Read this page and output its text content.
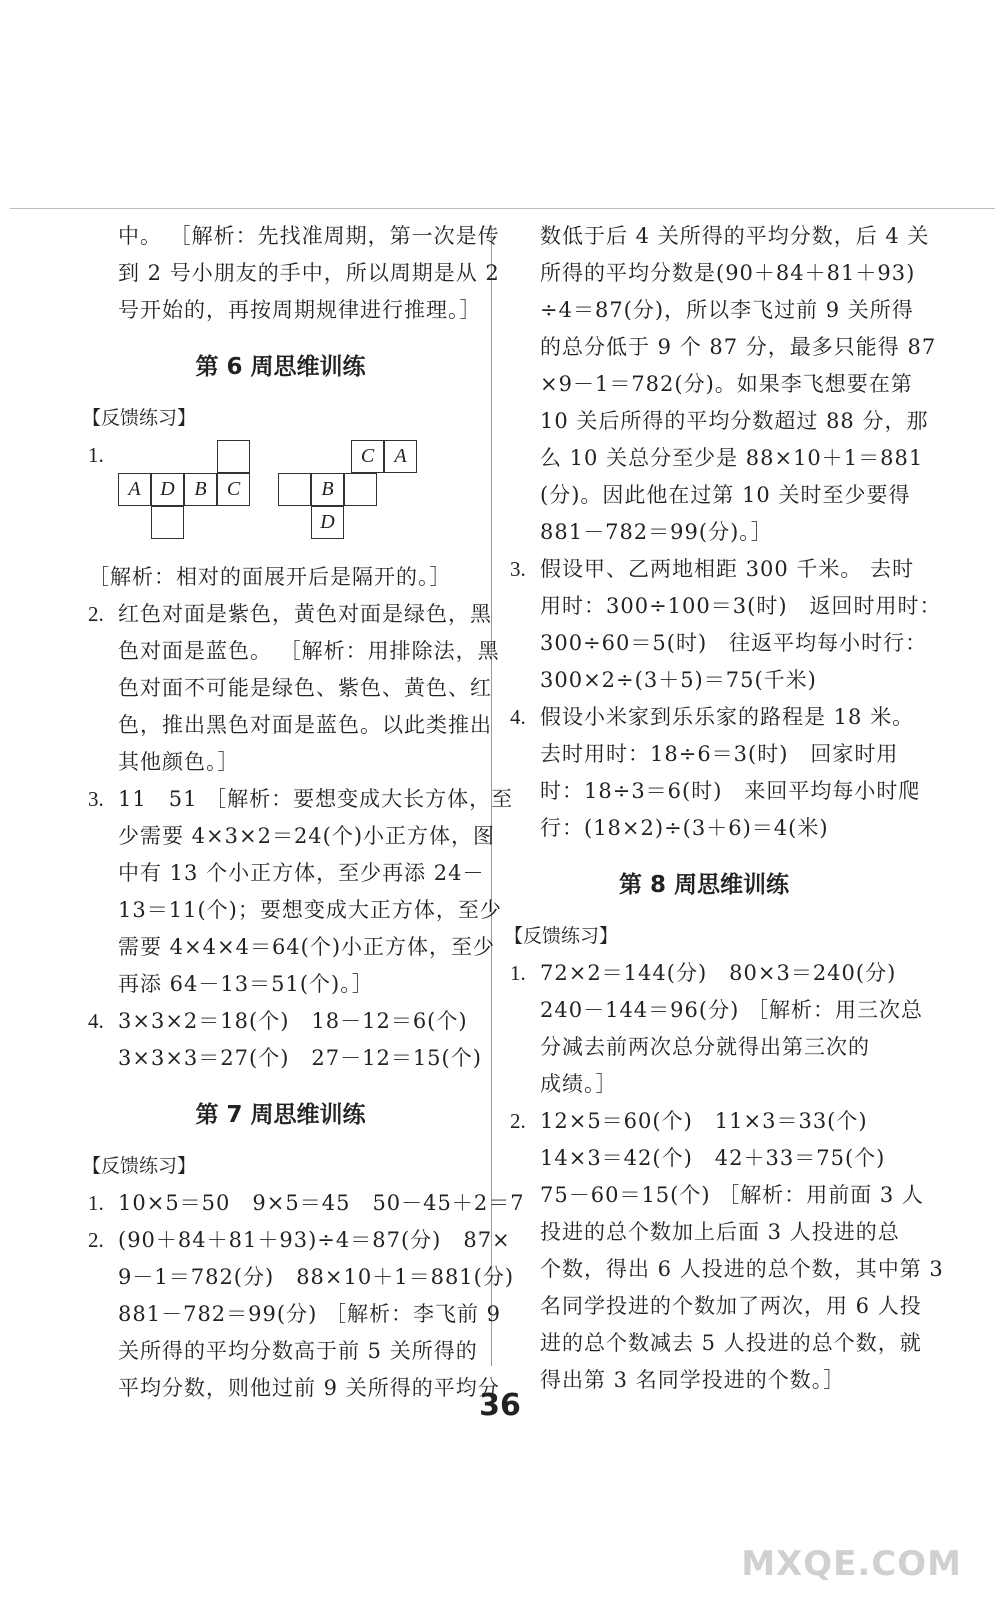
中。 ［解析：先找准周期，第一次是传
到 2 号小朋友的手中，所以周期是从 2
号开始的，再按周期规律进行推理。］
第 6 周思维训练
【反馈练习】
1.
A D B	C
C	A
B
D
［解析：相对的面展开后是隔开的。］
2. 红色对面是紫色，黄色对面是绿色，黑
色对面是蓝色。 ［解析：用排除法，黑
色对面不可能是绿色、紫色、黄色、红
色，推出黑色对面是蓝色。以此类推出
其他颜色。］
3. 11　51 ［解析：要想变成大长方体，至
少需要 4×3×2＝24(个)小正方体，图
中有 13 个小正方体，至少再添 24－
13＝11(个)；要想变成大正方体，至少
需要 4×4×4＝64(个)小正方体，至少
再添 64－13＝51(个)。］
4. 3×3×2＝18(个)　18－12＝6(个)
3×3×3＝27(个)　27－12＝15(个)
第 7 周思维训练
【反馈练习】
1. 10×5＝50　9×5＝45　50－45＋2＝7
2. (90＋84＋81＋93)÷4＝87(分)　87×
9－1＝782(分)　88×10＋1＝881(分)
881－782＝99(分) ［解析：李飞前 9
关所得的平均分数高于前 5 关所得的
平均分数，则他过前 9 关所得的平均分
数低于后 4 关所得的平均分数，后 4 关
所得的平均分数是(90＋84＋81＋93)
÷4＝87(分)，所以李飞过前 9 关所得
的总分低于 9 个 87 分，最多只能得 87
×9－1＝782(分)。如果李飞想要在第
10 关后所得的平均分数超过 88 分，那
么 10 关总分至少是 88×10＋1＝881
(分)。因此他在过第 10 关时至少要得
881－782＝99(分)。］
3. 假设甲、乙两地相距 300 千米。 去时
用时：300÷100＝3(时)　返回时用时：
300÷60＝5(时)　往返平均每小时行：
300×2÷(3＋5)＝75(千米)
4. 假设小米家到乐乐家的路程是 18 米。
去时用时：18÷6＝3(时)　回家时用
时：18÷3＝6(时)　来回平均每小时爬
行：(18×2)÷(3＋6)＝4(米)
第 8 周思维训练
【反馈练习】
1. 72×2＝144(分)　80×3＝240(分)
240－144＝96(分) ［解析：用三次总
分减去前两次总分就得出第三次的
成绩。］
2. 12×5＝60(个)　11×3＝33(个)
14×3＝42(个)　42＋33＝75(个)
75－60＝15(个) ［解析：用前面 3 人
投进的总个数加上后面 3 人投进的总
个数，得出 6 人投进的总个数，其中第 3
名同学投进的个数加了两次，用 6 人投
进的总个数减去 5 人投进的总个数，就
得出第 3 名同学投进的个数。］
36
MXQE.COM
